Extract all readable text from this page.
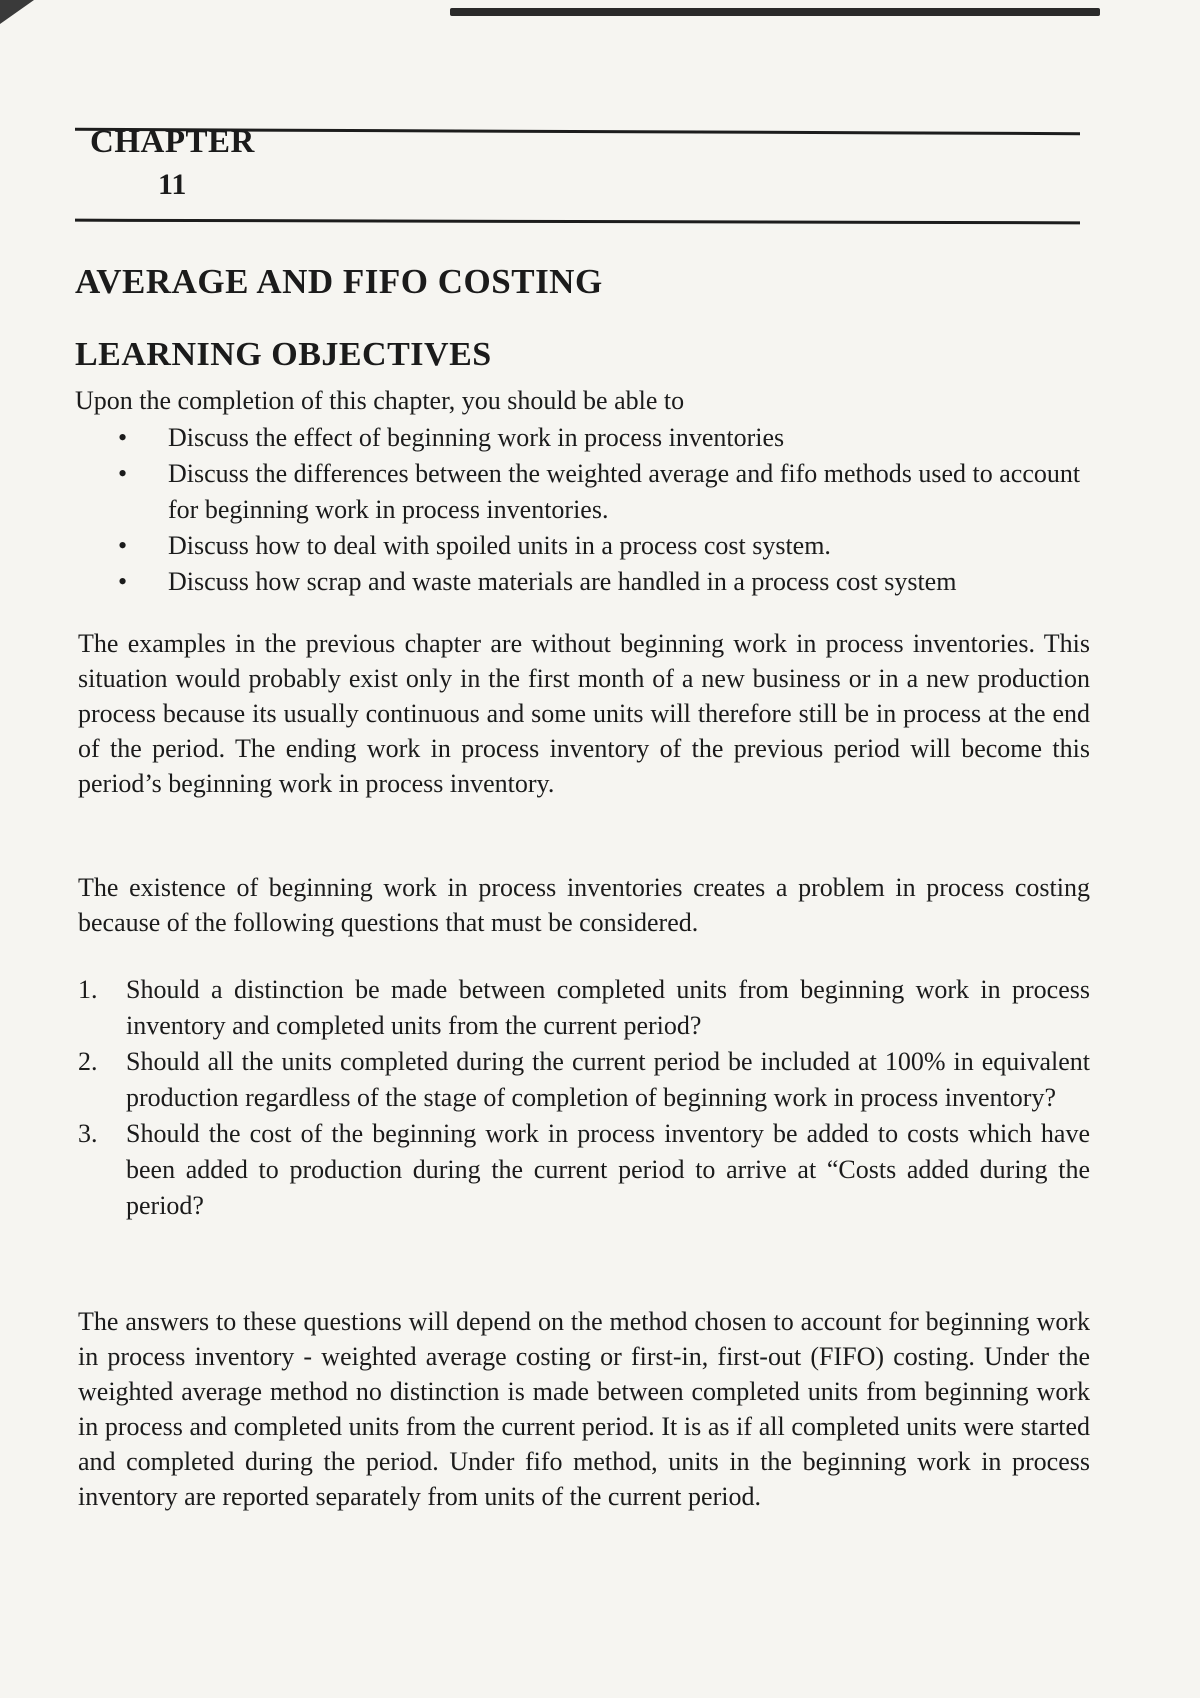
CHAPTER
11
AVERAGE AND FIFO COSTING
LEARNING OBJECTIVES
Upon the completion of this chapter, you should be able to
• Discuss the effect of beginning work in process inventories
• Discuss the differences between the weighted average and fifo methods used to account for beginning work in process inventories.
• Discuss how to deal with spoiled units in a process cost system.
• Discuss how scrap and waste materials are handled in a process cost system

The examples in the previous chapter are without beginning work in process inventories. This situation would probably exist only in the first month of a new business or in a new production process because its usually continuous and some units will therefore still be in process at the end of the period. The ending work in process inventory of the previous period will become this period’s beginning work in process inventory.

The existence of beginning work in process inventories creates a problem in process costing because of the following questions that must be considered.

1. Should a distinction be made between completed units from beginning work in process inventory and completed units from the current period?
2. Should all the units completed during the current period be included at 100% in equivalent production regardless of the stage of completion of beginning work in process inventory?
3. Should the cost of the beginning work in process inventory be added to costs which have been added to production during the current period to arrive at “Costs added during the period?

The answers to these questions will depend on the method chosen to account for beginning work in process inventory - weighted average costing or first-in, first-out (FIFO) costing. Under the weighted average method no distinction is made between completed units from beginning work in process and completed units from the current period. It is as if all completed units were started and completed during the period. Under fifo method, units in the beginning work in process inventory are reported separately from units of the current period.
